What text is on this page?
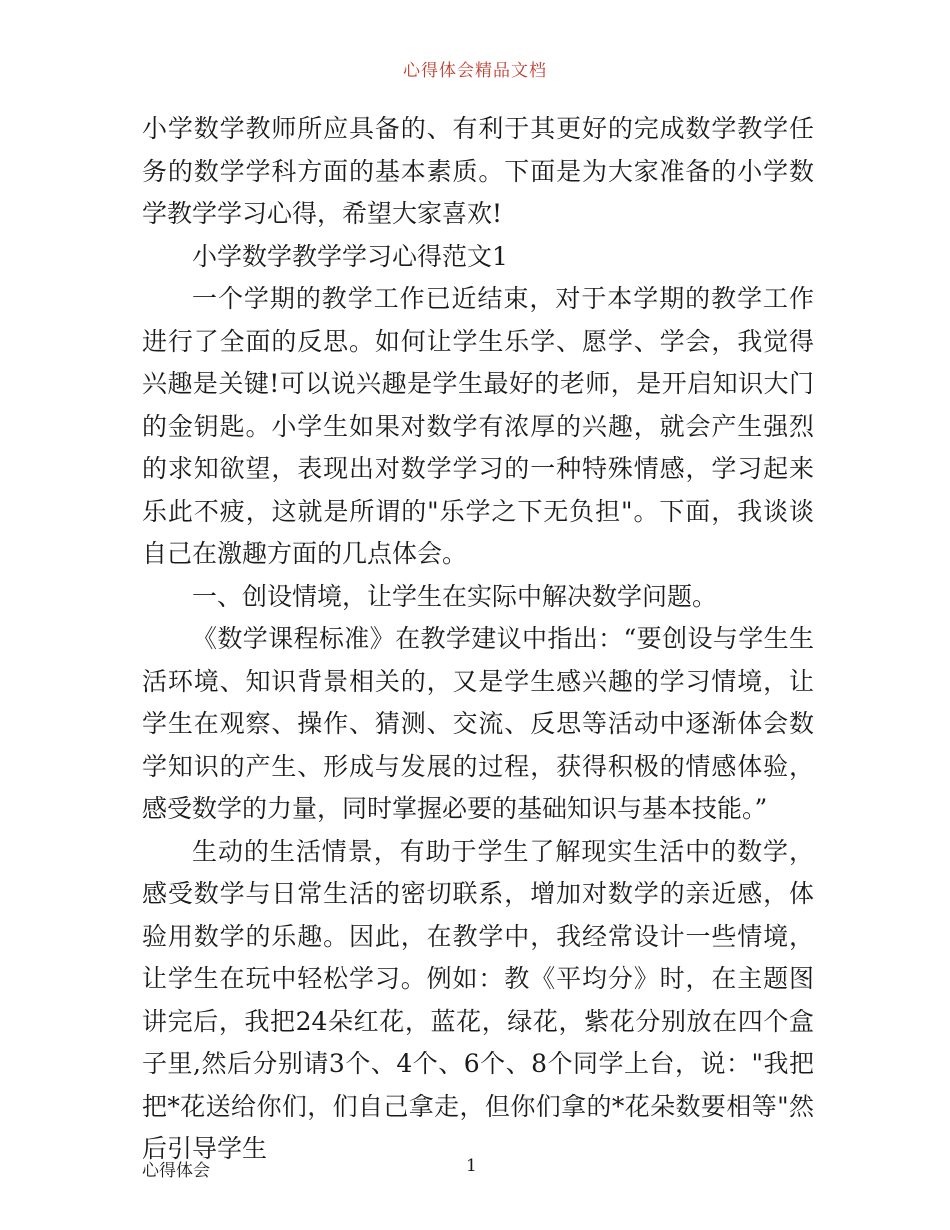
心得体会精品文档

小学数学教师所应具备的、有利于其更好的完成数学教学任务的数学学科方面的基本素质。下面是为大家准备的小学数学教学学习心得，希望大家喜欢!

小学数学教学学习心得范文1

一个学期的教学工作已近结束，对于本学期的教学工作进行了全面的反思。如何让学生乐学、愿学、学会，我觉得兴趣是关键!可以说兴趣是学生最好的老师，是开启知识大门的金钥匙。小学生如果对数学有浓厚的兴趣，就会产生强烈的求知欲望，表现出对数学学习的一种特殊情感，学习起来乐此不疲，这就是所谓的"乐学之下无负担"。下面，我谈谈自己在激趣方面的几点体会。

一、创设情境，让学生在实际中解决数学问题。

《数学课程标准》在教学建议中指出：“要创设与学生生活环境、知识背景相关的，又是学生感兴趣的学习情境，让学生在观察、操作、猜测、交流、反思等活动中逐渐体会数学知识的产生、形成与发展的过程，获得积极的情感体验，感受数学的力量，同时掌握必要的基础知识与基本技能。”

生动的生活情景，有助于学生了解现实生活中的数学，感受数学与日常生活的密切联系，增加对数学的亲近感，体验用数学的乐趣。因此，在教学中，我经常设计一些情境，让学生在玩中轻松学习。例如：教《平均分》时，在主题图讲完后，我把24朵红花，蓝花，绿花，紫花分别放在四个盒子里,然后分别请3个、4个、6个、8个同学上台，说："我把把*花送给你们，们自己拿走，但你们拿的*花朵数要相等"然后引导学生

心得体会	1
